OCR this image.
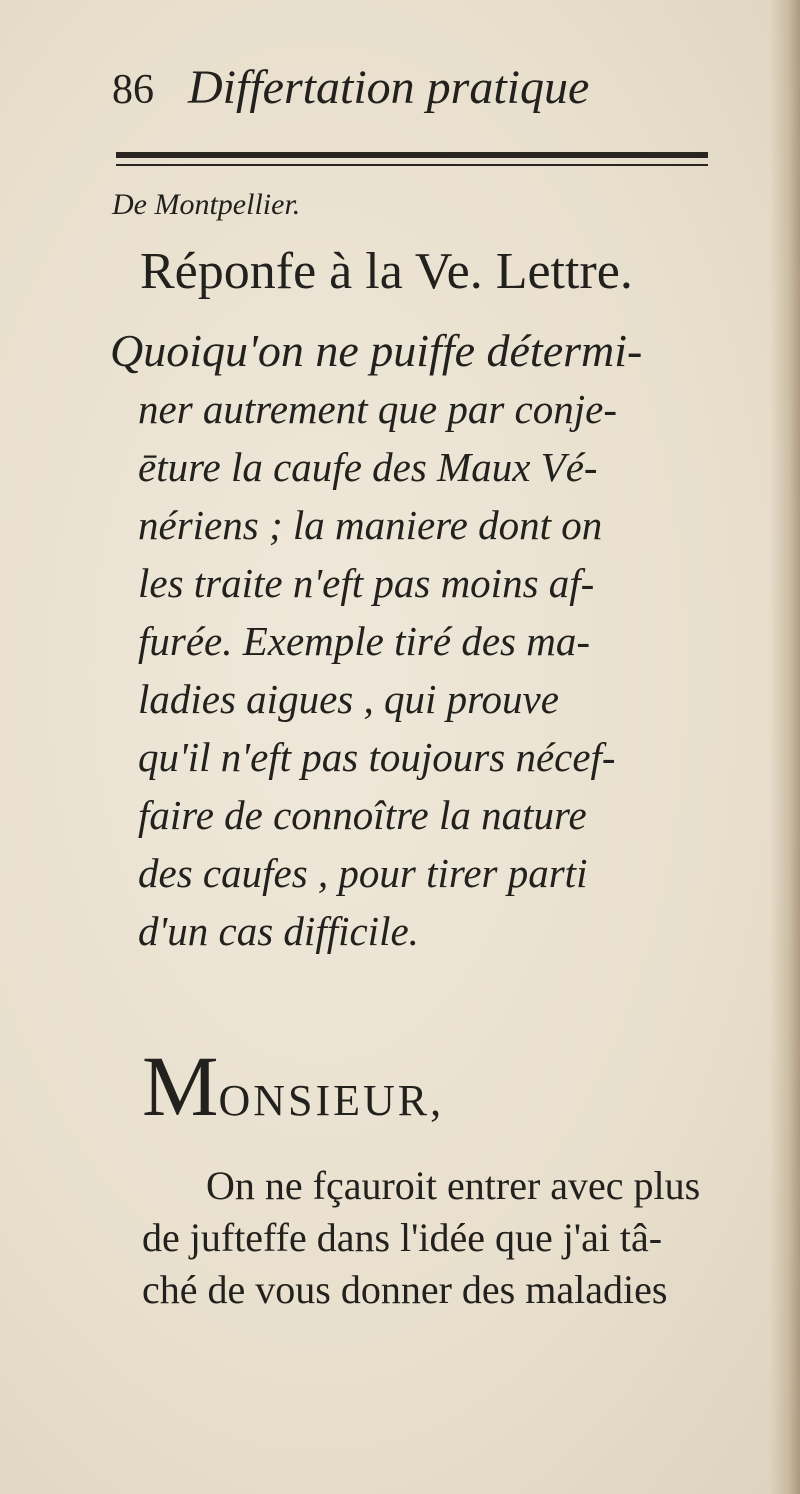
86 Differtation pratique
De Montpellier.
Réponfe à la Ve. Lettre.
Quoiqu'on ne puiffe détermi-
ner autrement que par conje-
ēture la caufe des Maux Vé-
nériens ; la maniere dont on
les traite n'eft pas moins af-
furée. Exemple tiré des ma-
ladies aigues , qui prouve
qu'il n'eft pas toujours nécef-
faire de connoître la nature
des caufes , pour tirer parti
d'un cas difficile.
MONSIEUR,
On ne fçauroit entrer avec plus
de jufteffe dans l'idée que j'ai tâ-
ché de vous donner des maladies
